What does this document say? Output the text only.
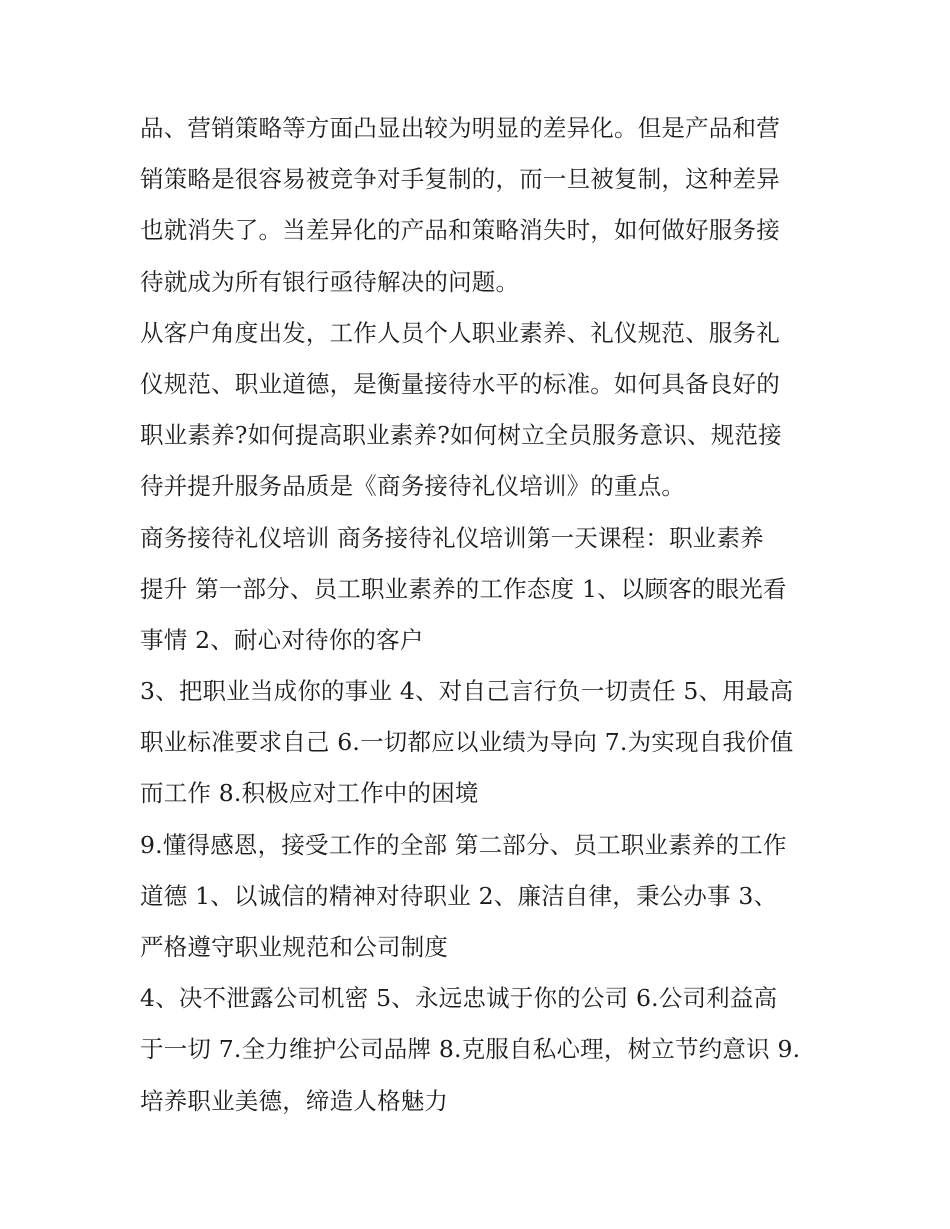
品、营销策略等方面凸显出较为明显的差异化。但是产品和营
销策略是很容易被竞争对手复制的，而一旦被复制，这种差异
也就消失了。当差异化的产品和策略消失时，如何做好服务接
待就成为所有银行亟待解决的问题。

从客户角度出发，工作人员个人职业素养、礼仪规范、服务礼
仪规范、职业道德，是衡量接待水平的标准。如何具备良好的
职业素养?如何提高职业素养?如何树立全员服务意识、规范接
待并提升服务品质是《商务接待礼仪培训》的重点。

商务接待礼仪培训 商务接待礼仪培训第一天课程：职业素养
提升 第一部分、员工职业素养的工作态度 1、以顾客的眼光看
事情 2、耐心对待你的客户

3、把职业当成你的事业 4、对自己言行负一切责任 5、用最高
职业标准要求自己 6.一切都应以业绩为导向 7.为实现自我价值
而工作 8.积极应对工作中的困境

9.懂得感恩，接受工作的全部 第二部分、员工职业素养的工作
道德 1、以诚信的精神对待职业 2、廉洁自律，秉公办事 3、
严格遵守职业规范和公司制度

4、决不泄露公司机密 5、永远忠诚于你的公司 6.公司利益高
于一切 7.全力维护公司品牌 8.克服自私心理，树立节约意识 9.
培养职业美德，缔造人格魅力
